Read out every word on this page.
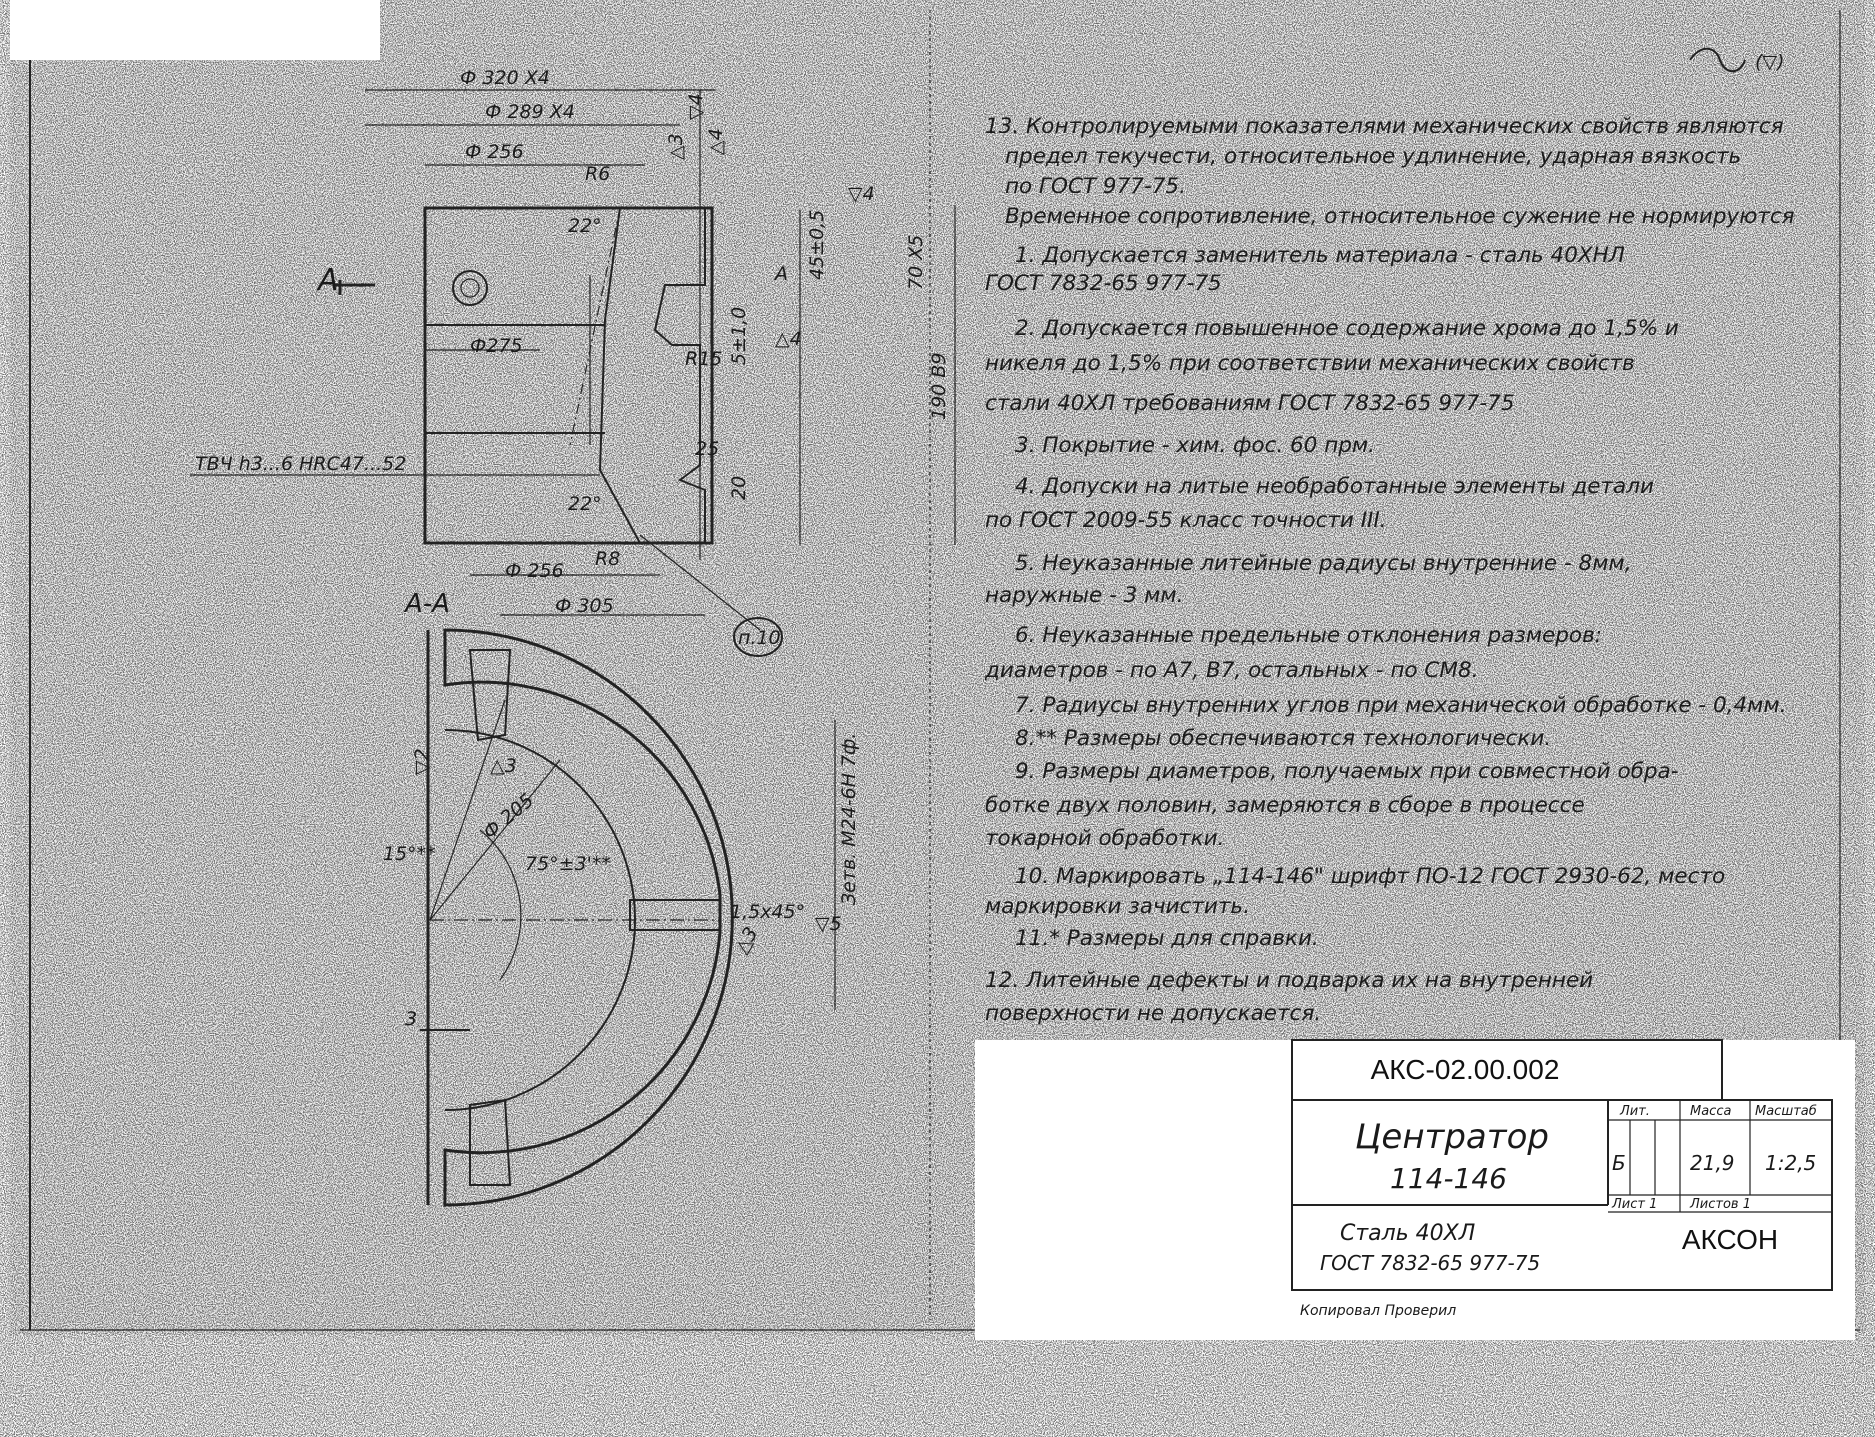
Ф 320 Х4
Ф 289 Х4
Ф 256
R6
Ф275
22°
22°
R15
25
20
R8
Ф 256
Ф 305
45±0,5	70 Х5
190 В9
5±1,0
А
▽4
▽4
△3 △4
△4
А
ТВЧ h3...6 HRC47...52
п.10
А-А
Ф 205
75°±3'**
15°**
1,5х45°
3
▽2	△3
▽5
△3
Зетв. М24-6Н 7ф.
13. Контролируемыми показателями механических свойств являются
предел текучести, относительное удлинение, ударная вязкость
по ГОСТ 977-75.
Временное сопротивление, относительное сужение не нормируются
1. Допускается заменитель материала - сталь 40ХНЛ
ГОСТ 7832-65 977-75
2. Допускается повышенное содержание хрома до 1,5% и
никеля до 1,5% при соответствии механических свойств
стали 40ХЛ требованиям ГОСТ 7832-65 977-75
3. Покрытие - хим. фос. 60 прм.
4. Допуски на литые необработанные элементы детали
по ГОСТ 2009-55 класс точности III.
5. Неуказанные литейные радиусы внутренние - 8мм,
наружные - 3 мм.
6. Неуказанные предельные отклонения размеров:
диаметров - по А7, В7, остальных - по СМ8.
7. Радиусы внутренних углов при механической обработке - 0,4мм.
8.** Размеры обеспечиваются технологически.
9. Размеры диаметров, получаемых при совместной обра-
ботке двух половин, замеряются в сборе в процессе
токарной обработки.
10. Маркировать „114-146" шрифт ПО-12 ГОСТ 2930-62, место
маркировки зачистить.
11.* Размеры для справки.
12. Литейные дефекты и подварка их на внутренней
поверхности не допускается.
(▽)
Центратор
114-146
Сталь 40ХЛ
ГОСТ 7832-65 977-75
Лит.	Масса Масштаб
Б	21,9 1:2,5
Лист 1	Листов 1
Копировал Проверил
АКС-02.00.002
АКСОН
